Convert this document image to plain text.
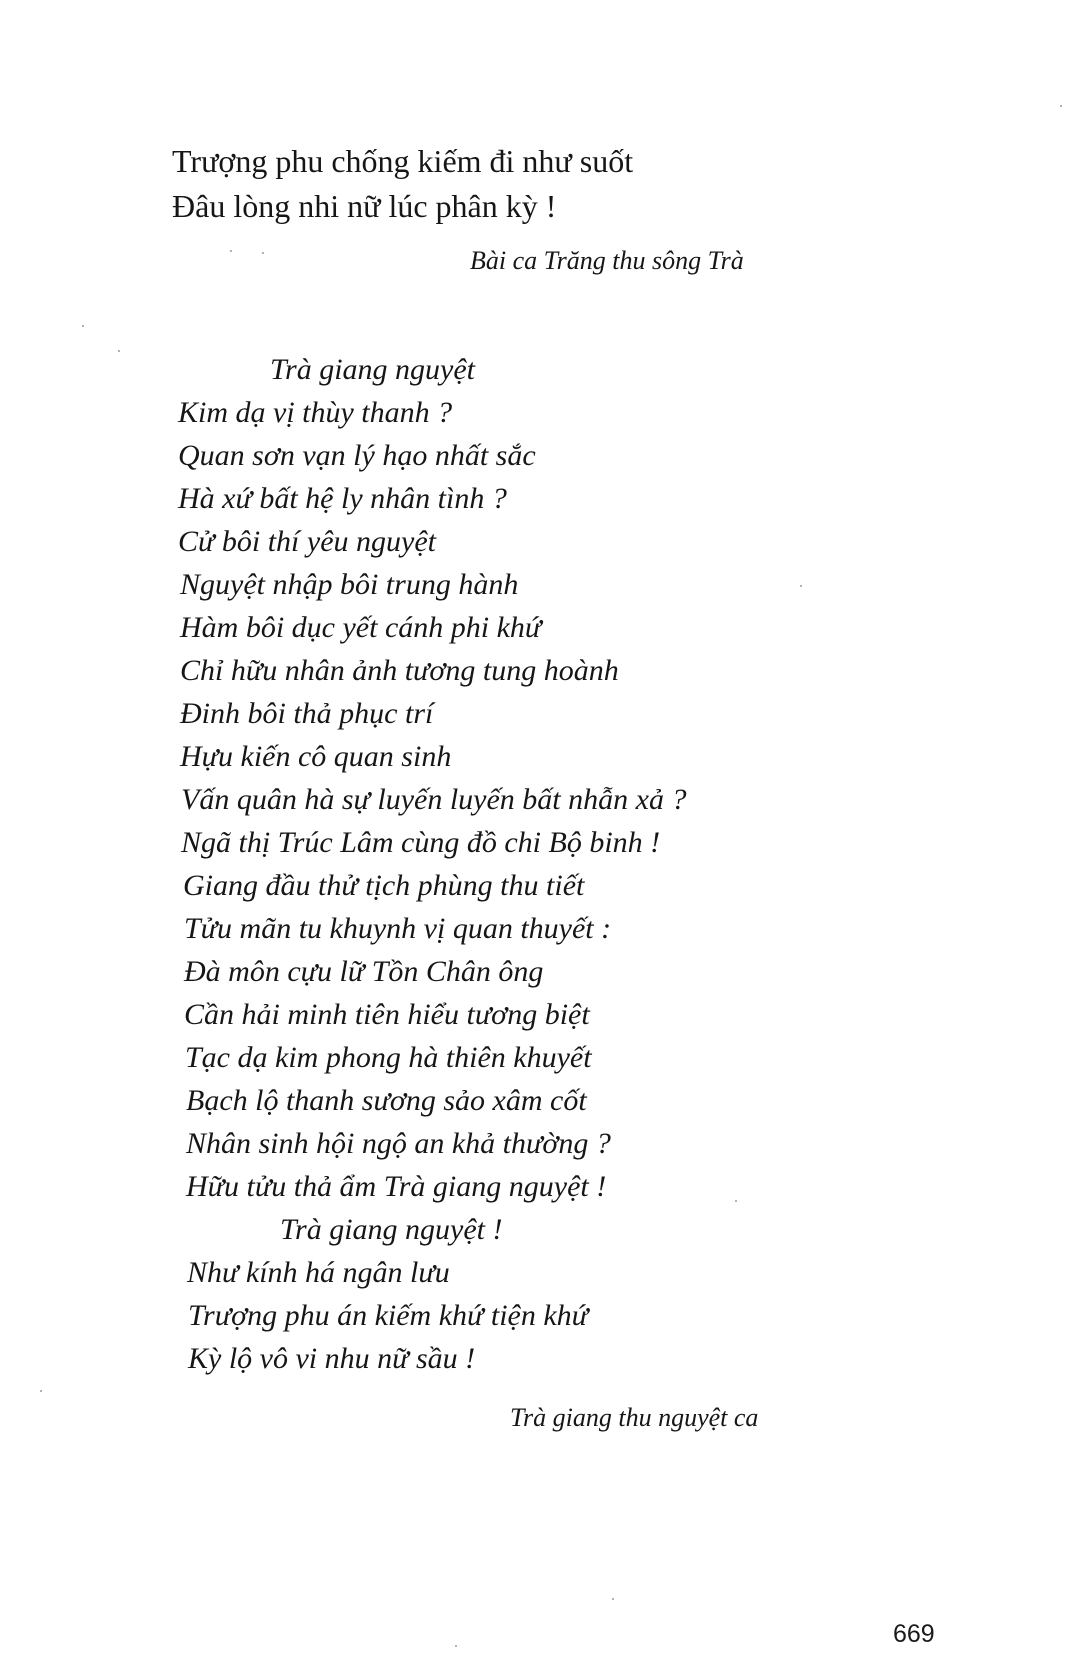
Trượng phu chống kiếm đi như suốt
Đâu lòng nhi nữ lúc phân kỳ !
Bài ca Trăng thu sông Trà
Trà giang nguyệt
Kim dạ vị thùy thanh ?
Quan sơn vạn lý hạo nhất sắc
Hà xứ bất hệ ly nhân tình ?
Cử bôi thí yêu nguyệt
Nguyệt nhập bôi trung hành
Hàm bôi dục yết cánh phi khứ
Chỉ hữu nhân ảnh tương tung hoành
Đinh bôi thả phục trí
Hựu kiến cô quan sinh
Vấn quân hà sự luyến luyến bất nhẫn xả ?
Ngã thị Trúc Lâm cùng đồ chi Bộ binh !
Giang đầu thử tịch phùng thu tiết
Tửu mãn tu khuynh vị quan thuyết :
Đà môn cựu lữ Tồn Chân ông
Cần hải minh tiên hiểu tương biệt
Tạc dạ kim phong hà thiên khuyết
Bạch lộ thanh sương sảo xâm cốt
Nhân sinh hội ngộ an khả thường ?
Hữu tửu thả ẩm Trà giang nguyệt !
Trà giang nguyệt !
Như kính há ngân lưu
Trượng phu án kiếm khứ tiện khứ
Kỳ lộ vô vi nhu nữ sầu !
Trà giang thu nguyệt ca
669
